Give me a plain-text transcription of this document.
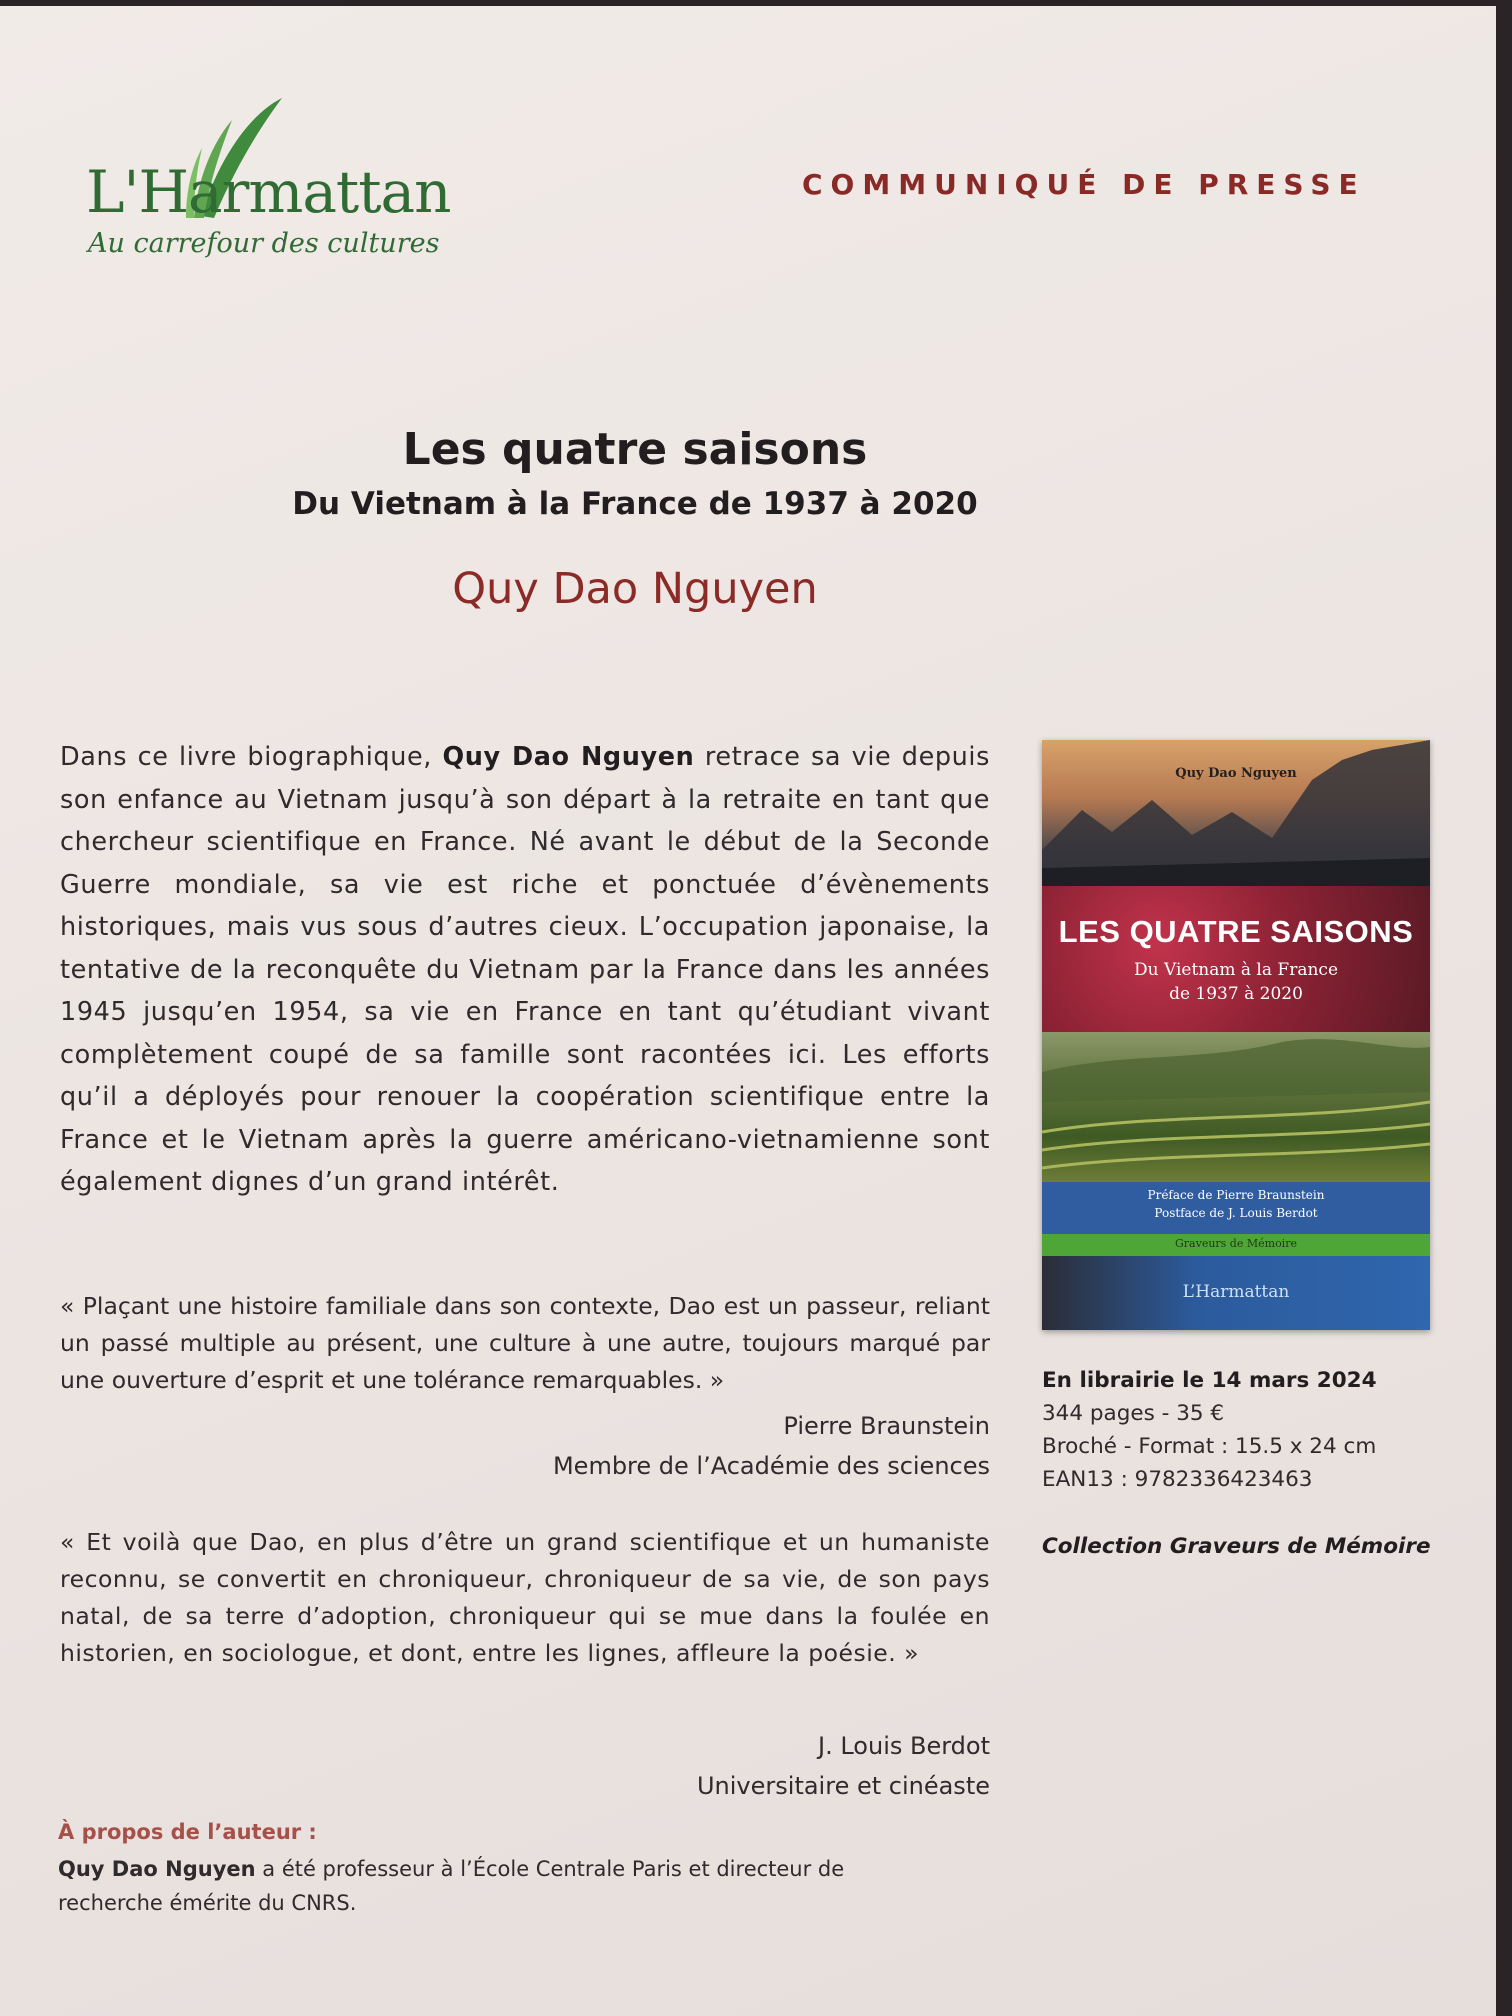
L'Harmattan
Au carrefour des cultures
COMMUNIQUÉ DE PRESSE
Les quatre saisons
Du Vietnam à la France de 1937 à 2020
Quy Dao Nguyen
Dans ce livre biographique, Quy Dao Nguyen retrace sa vie depuis son enfance au Vietnam jusqu’à son départ à la retraite en tant que chercheur scientifique en France. Né avant le début de la Seconde Guerre mondiale, sa vie est riche et ponctuée d’évènements historiques, mais vus sous d’autres cieux. L’occupation japonaise, la tentative de la reconquête du Vietnam par la France dans les années 1945 jusqu’en 1954, sa vie en France en tant qu’étudiant vivant complètement coupé de sa famille sont racontées ici. Les efforts qu’il a déployés pour renouer la coopération scientifique entre la France et le Vietnam après la guerre américano-vietnamienne sont également dignes d’un grand intérêt.
« Plaçant une histoire familiale dans son contexte, Dao est un passeur, reliant un passé multiple au présent, une culture à une autre, toujours marqué par une ouverture d’esprit et une tolérance remarquables. »
Pierre Braunstein
Membre de l’Académie des sciences
« Et voilà que Dao, en plus d’être un grand scientifique et un humaniste reconnu, se convertit en chroniqueur, chroniqueur de sa vie, de son pays natal, de sa terre d’adoption, chroniqueur qui se mue dans la foulée en historien, en sociologue, et dont, entre les lignes, affleure la poésie. »
J. Louis Berdot
Universitaire et cinéaste
À propos de l’auteur :
Quy Dao Nguyen a été professeur à l’École Centrale Paris et directeur de recherche émérite du CNRS.
Quy Dao Nguyen
LES QUATRE SAISONS
Du Vietnam à la France
de 1937 à 2020
Préface de Pierre Braunstein
Postface de J. Louis Berdot
Graveurs de Mémoire
L’Harmattan
En librairie le 14 mars 2024
344 pages - 35 €
Broché - Format : 15.5 x 24 cm
EAN13 : 9782336423463
Collection Graveurs de Mémoire
